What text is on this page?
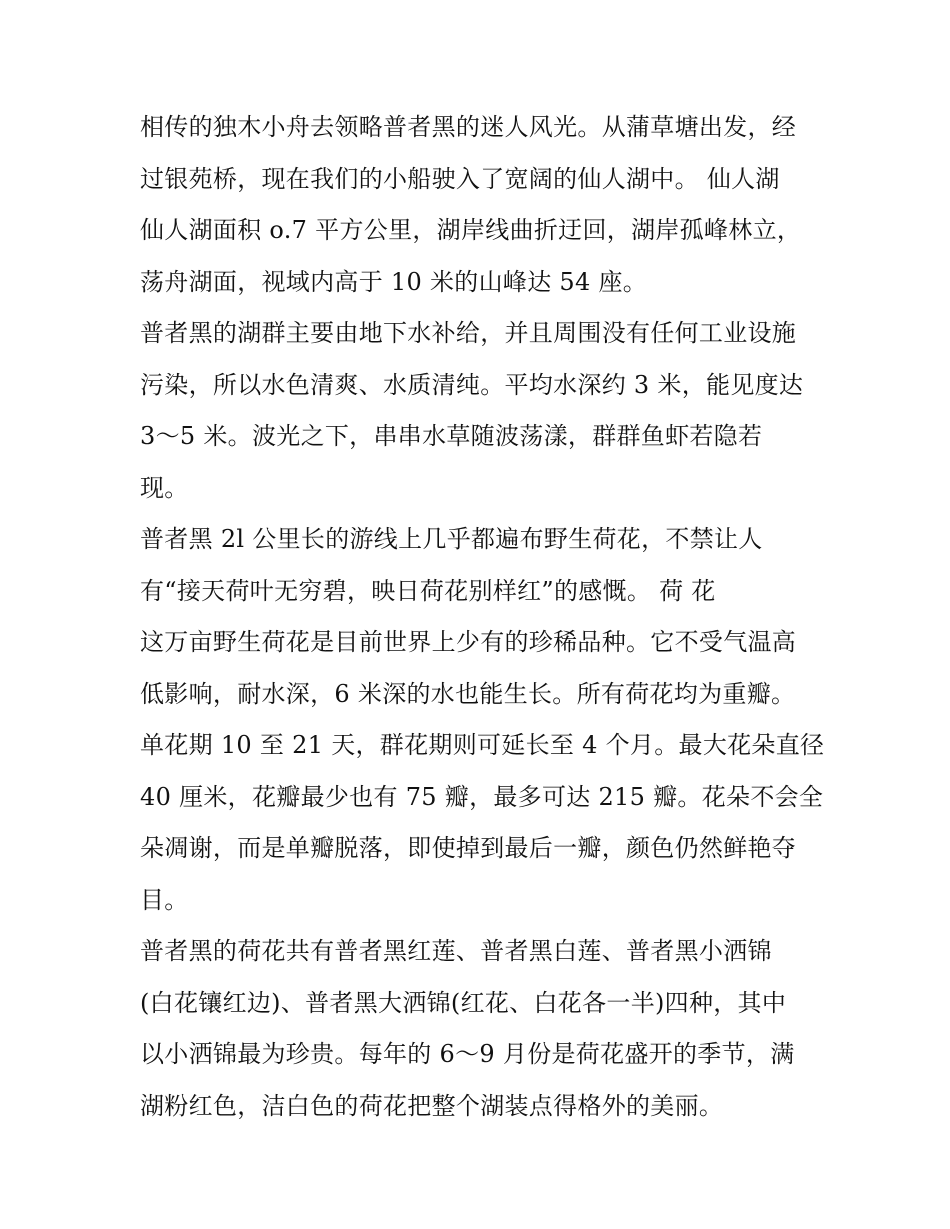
相传的独木小舟去领略普者黑的迷人风光。从蒲草塘出发，经
过银苑桥，现在我们的小船驶入了宽阔的仙人湖中。 仙人湖
仙人湖面积 o.7 平方公里，湖岸线曲折迂回，湖岸孤峰林立，
荡舟湖面，视域内高于 10 米的山峰达 54 座。
普者黑的湖群主要由地下水补给，并且周围没有任何工业设施
污染，所以水色清爽、水质清纯。平均水深约 3 米，能见度达
3～5 米。波光之下，串串水草随波荡漾，群群鱼虾若隐若
现。
普者黑 2l 公里长的游线上几乎都遍布野生荷花，不禁让人
有“接天荷叶无穷碧，映日荷花别样红”的感慨。 荷 花
这万亩野生荷花是目前世界上少有的珍稀品种。它不受气温高
低影响，耐水深，6 米深的水也能生长。所有荷花均为重瓣。
单花期 10 至 21 天，群花期则可延长至 4 个月。最大花朵直径
40 厘米，花瓣最少也有 75 瓣，最多可达 215 瓣。花朵不会全
朵凋谢，而是单瓣脱落，即使掉到最后一瓣，颜色仍然鲜艳夺
目。
普者黑的荷花共有普者黑红莲、普者黑白莲、普者黑小洒锦
(白花镶红边)、普者黑大洒锦(红花、白花各一半)四种，其中
以小洒锦最为珍贵。每年的 6～9 月份是荷花盛开的季节，满
湖粉红色，洁白色的荷花把整个湖装点得格外的美丽。
